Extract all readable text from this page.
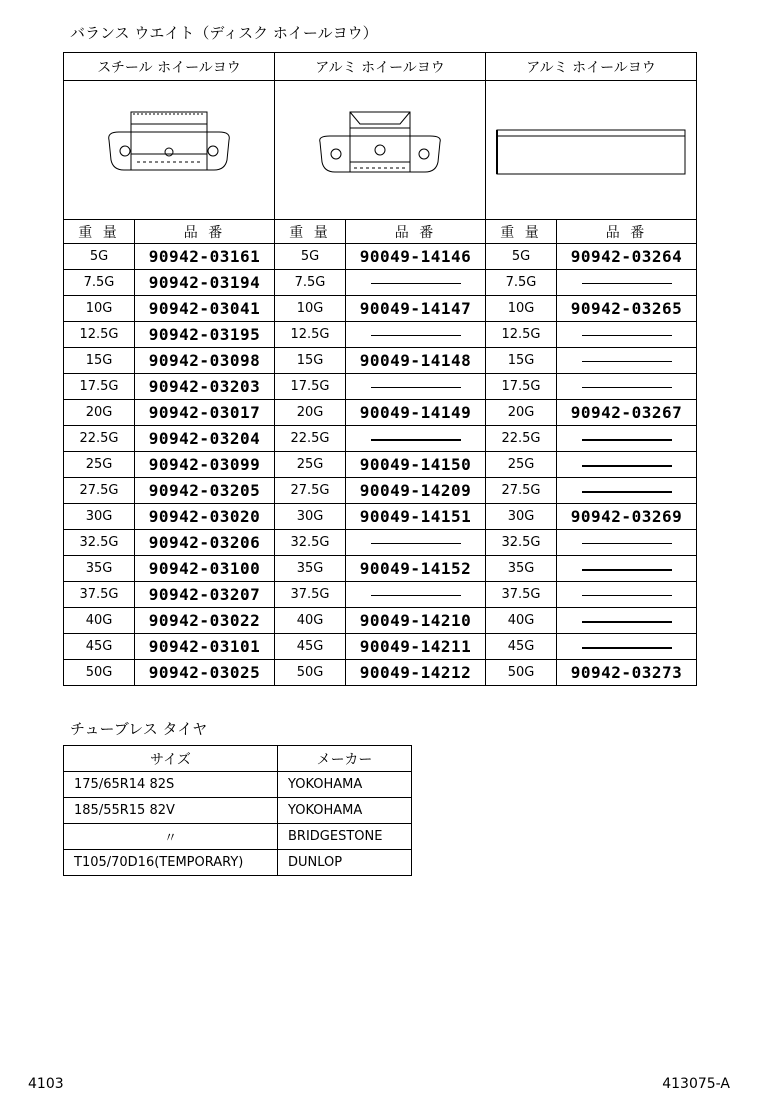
バランス ウエイト（ディスク ホイールヨウ）
スチール ホイールヨウ		アルミ ホイールヨウ		アルミ ホイールヨウ	

重 量	品 番	重 量	品 番	重 量	品 番
5G	90942-03161	5G	90049-14146	5G	90942-03264
7.5G	90942-03194	7.5G		7.5G	
10G	90942-03041	10G	90049-14147	10G	90942-03265
12.5G	90942-03195	12.5G		12.5G	
15G	90942-03098	15G	90049-14148	15G	
17.5G	90942-03203	17.5G		17.5G	
20G	90942-03017	20G	90049-14149	20G	90942-03267
22.5G	90942-03204	22.5G		22.5G	
25G	90942-03099	25G	90049-14150	25G	
27.5G	90942-03205	27.5G	90049-14209	27.5G	
30G	90942-03020	30G	90049-14151	30G	90942-03269
32.5G	90942-03206	32.5G		32.5G	
35G	90942-03100	35G	90049-14152	35G	
37.5G	90942-03207	37.5G		37.5G	
40G	90942-03022	40G	90049-14210	40G	
45G	90942-03101	45G	90049-14211	45G	
50G	90942-03025	50G	90049-14212	50G	90942-03273
チューブレス タイヤ
サイズ	メーカー
175/65R14 82S	YOKOHAMA
185/55R15 82V	YOKOHAMA
〃	BRIDGESTONE
T105/70D16(TEMPORARY)	DUNLOP
4103	413075-A
